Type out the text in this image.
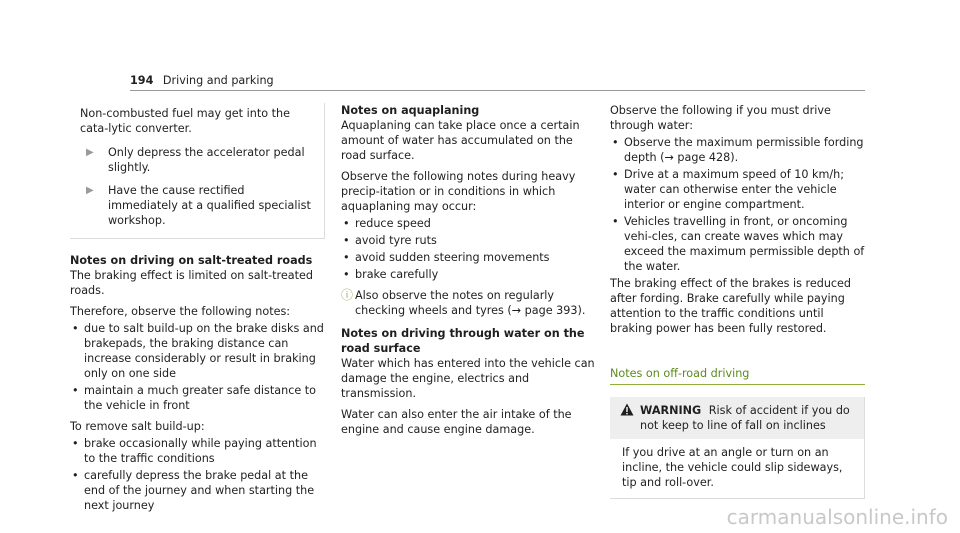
194 Driving and parking

Non-combusted fuel may get into the cata-lytic converter.

▶	Only depress the accelerator pedal slightly.
▶	Have the cause rectified immediately at a qualified specialist workshop.

Notes on driving on salt-treated roads

The braking effect is limited on salt-treated roads.

Therefore, observe the following notes:

• due to salt build-up on the brake disks and brakepads, the braking distance can increase considerably or result in braking only on one side
• maintain a much greater safe distance to the vehicle in front

To remove salt build-up:

• brake occasionally while paying attention to the traffic conditions
• carefully depress the brake pedal at the end of the journey and when starting the next journey

Notes on aquaplaning

Aquaplaning can take place once a certain amount of water has accumulated on the road surface.

Observe the following notes during heavy precip-itation or in conditions in which aquaplaning may occur:

• reduce speed
• avoid tyre ruts
• avoid sudden steering movements
• brake carefully
ⓘ Also observe the notes on regularly checking wheels and tyres (→ page 393).

Notes on driving through water on the road surface

Water which has entered into the vehicle can damage the engine, electrics and transmission.

Water can also enter the air intake of the engine and cause engine damage.

Observe the following if you must drive through water:

• Observe the maximum permissible fording depth (→ page 428).
• Drive at a maximum speed of 10 km/h; water can otherwise enter the vehicle interior or engine compartment.
• Vehicles travelling in front, or oncoming vehi-cles, can create waves which may exceed the maximum permissible depth of the water.

The braking effect of the brakes is reduced after fording. Brake carefully while paying attention to the traffic conditions until braking power has been fully restored.

Notes on off-road driving

WARNING Risk of accident if you do not keep to line of fall on inclines
If you drive at an angle or turn on an incline, the vehicle could slip sideways, tip and roll-over.
carmanualsonline.info
